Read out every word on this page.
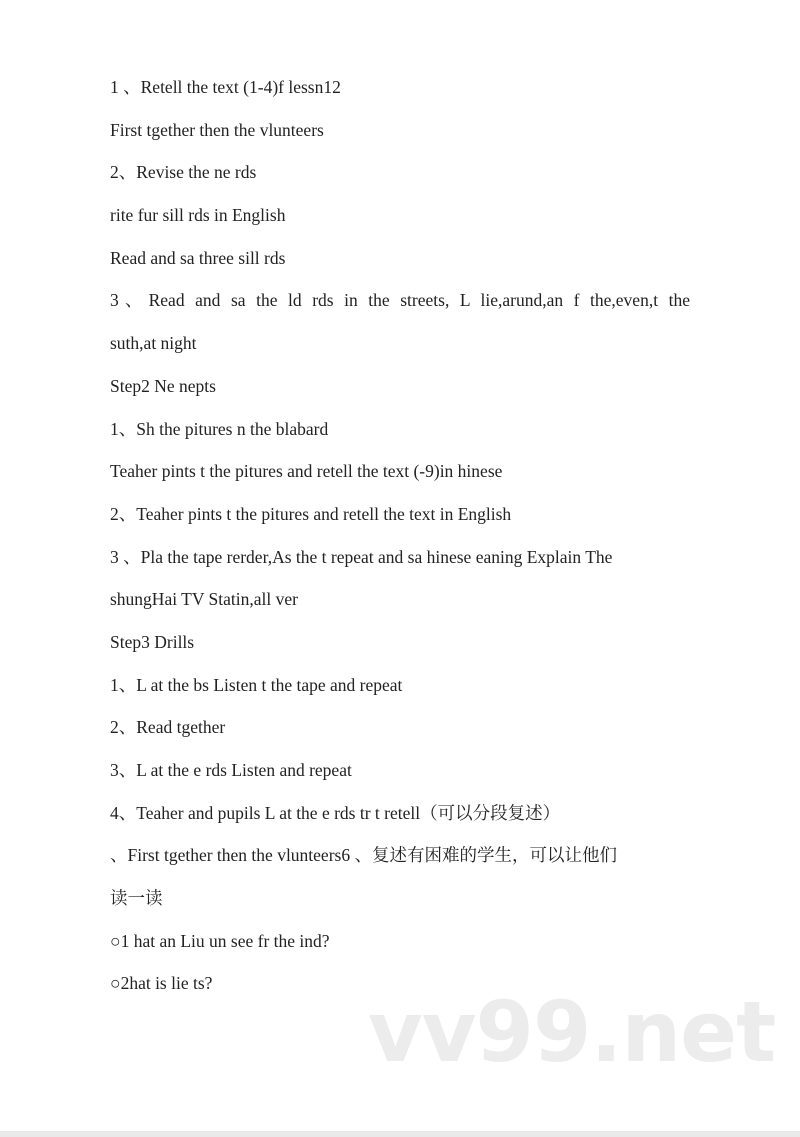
1 、Retell the text (1-4)f lessn12
First tgether then the vlunteers
2、Revise the ne rds
rite fur sill rds in English
Read and sa three sill rds
3、Read and sa the ld rds in the streets, L lie,arund,an f the,even,t the
suth,at night
Step2 Ne nepts
1、Sh the pitures n the blabard
Teaher pints t the pitures and retell the text (-9)in hinese
2、Teaher pints t the pitures and retell the text in English
3 、Pla the tape rerder,As the t repeat and sa hinese eaning Explain The
shungHai TV Statin,all ver
Step3 Drills
1、L at the bs Listen t the tape and repeat
2、Read tgether
3、L at the e rds Listen and repeat
4、Teaher and pupils L at the e rds tr t retell（可以分段复述）
、First tgether then the vlunteers6 、复述有困难的学生，可以让他们
读一读
○1 hat an Liu un see fr the ind?
○2hat is lie ts?	vv99.net
